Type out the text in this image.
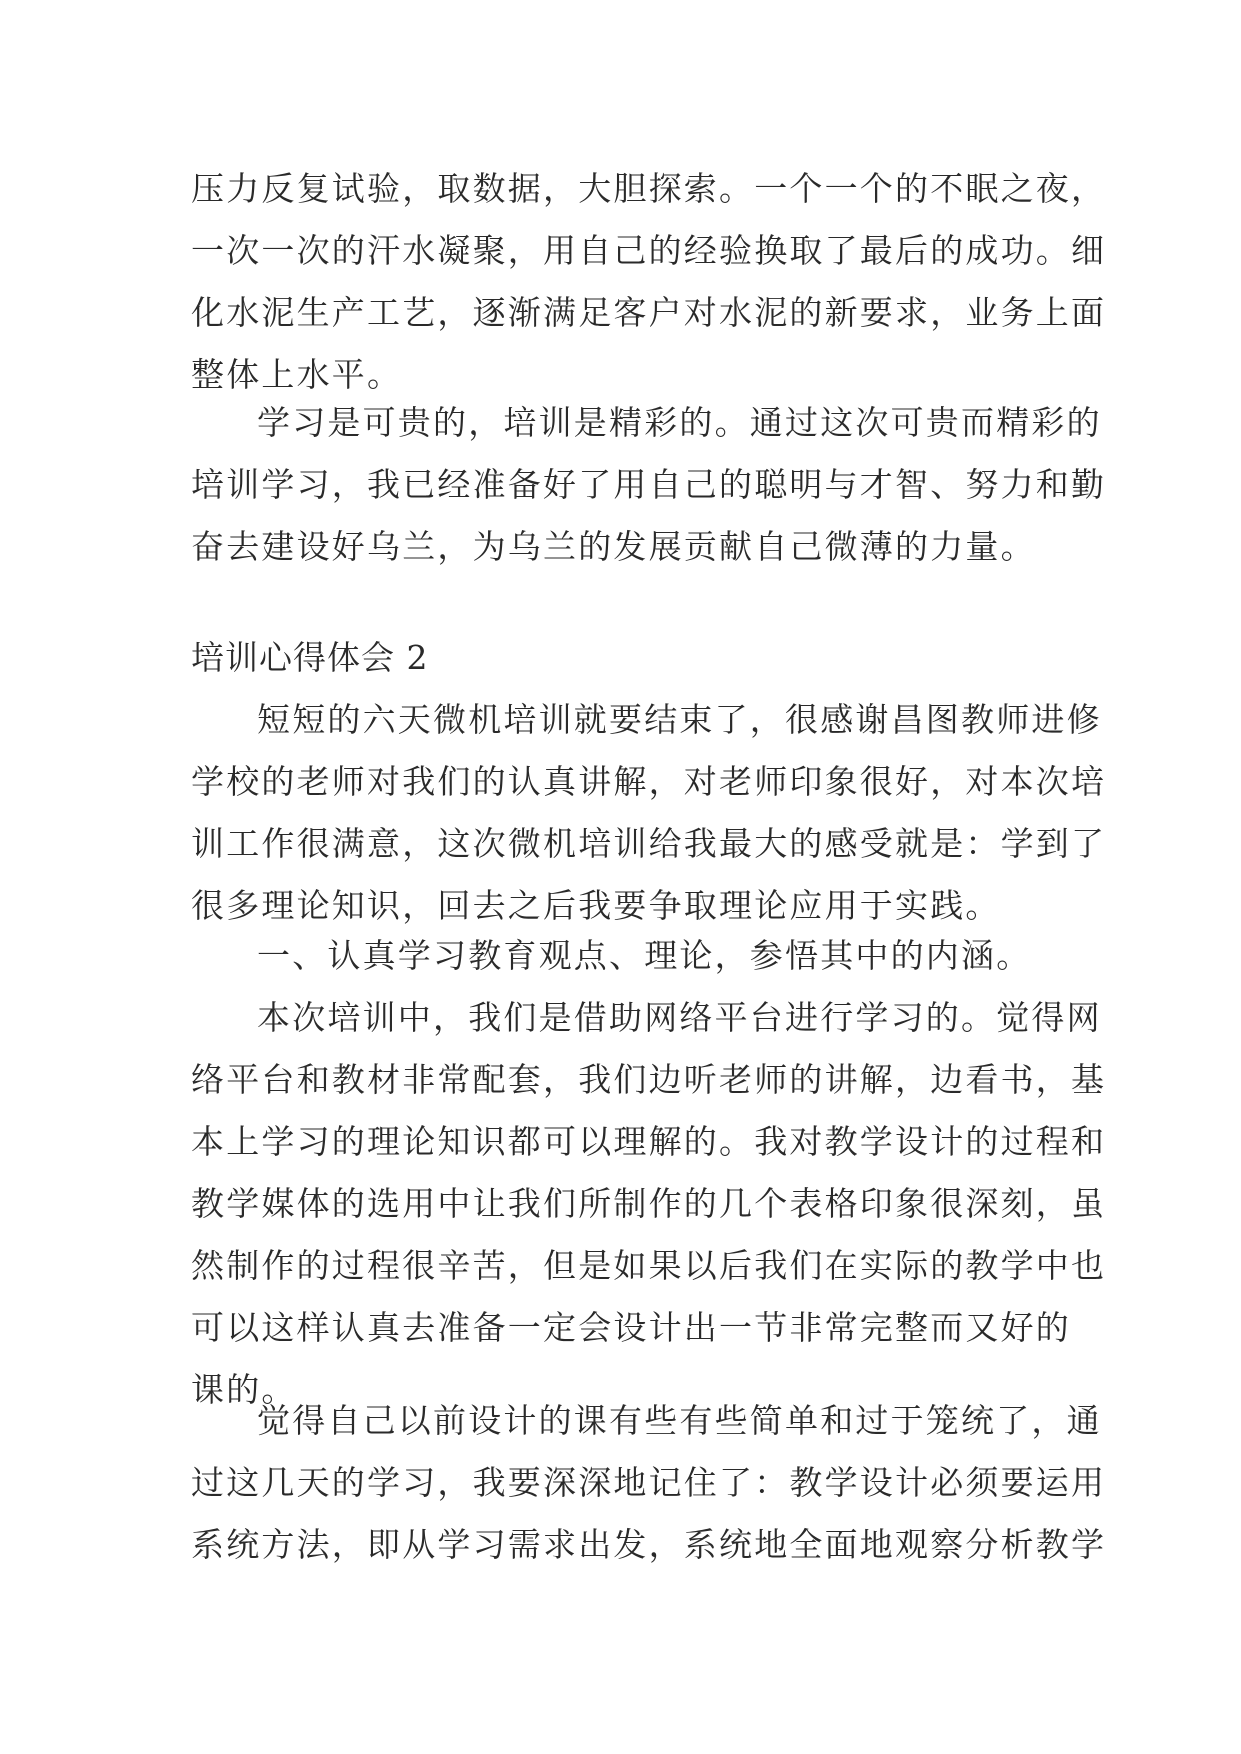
压力反复试验，取数据，大胆探索。一个一个的不眠之夜，
一次一次的汗水凝聚，用自己的经验换取了最后的成功。细
化水泥生产工艺，逐渐满足客户对水泥的新要求，业务上面
整体上水平。
学习是可贵的，培训是精彩的。通过这次可贵而精彩的
培训学习，我已经准备好了用自己的聪明与才智、努力和勤
奋去建设好乌兰，为乌兰的发展贡献自己微薄的力量。
培训心得体会 2
短短的六天微机培训就要结束了，很感谢昌图教师进修
学校的老师对我们的认真讲解，对老师印象很好，对本次培
训工作很满意，这次微机培训给我最大的感受就是：学到了
很多理论知识，回去之后我要争取理论应用于实践。
一、认真学习教育观点、理论，参悟其中的内涵。
本次培训中，我们是借助网络平台进行学习的。觉得网
络平台和教材非常配套，我们边听老师的讲解，边看书，基
本上学习的理论知识都可以理解的。我对教学设计的过程和
教学媒体的选用中让我们所制作的几个表格印象很深刻，虽
然制作的过程很辛苦，但是如果以后我们在实际的教学中也
可以这样认真去准备一定会设计出一节非常完整而又好的
课的。
觉得自己以前设计的课有些有些简单和过于笼统了，通
过这几天的学习，我要深深地记住了：教学设计必须要运用
系统方法，即从学习需求出发，系统地全面地观察分析教学
